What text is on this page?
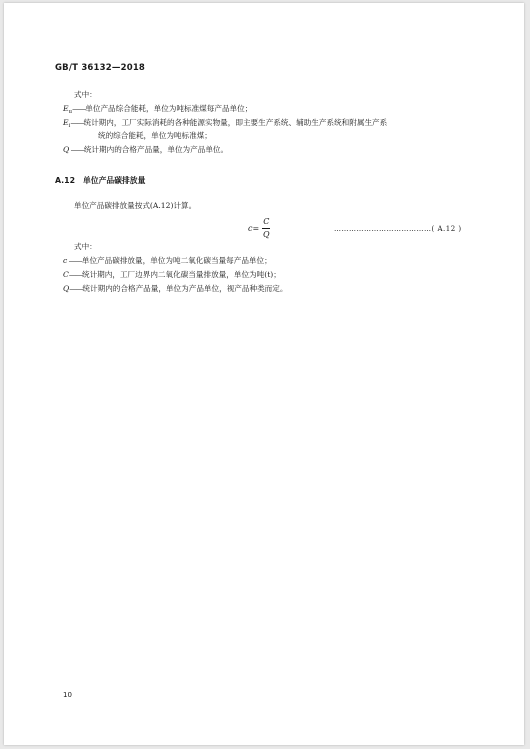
GB/T 36132—2018
式中：
$E_u——$单位产品综合能耗，单位为吨标准煤每产品单位；
$E_i——$统计期内，工厂实际消耗的各种能源实物量，即主要生产系统、辅助生产系统和附属生产系
统的综合能耗，单位为吨标准煤；
Q ——统计期内的合格产品量，单位为产品单位。
A.12 单位产品碳排放量
单位产品碳排放量按式(A.12)计算。
$c = \frac{C}{Q}$	…………………………………( A.12 )
式中：
c ——单位产品碳排放量，单位为吨二氧化碳当量每产品单位；
C——统计期内，工厂边界内二氧化碳当量排放量，单位为吨(t)；
Q——统计期内的合格产品量，单位为产品单位，视产品种类而定。
10
